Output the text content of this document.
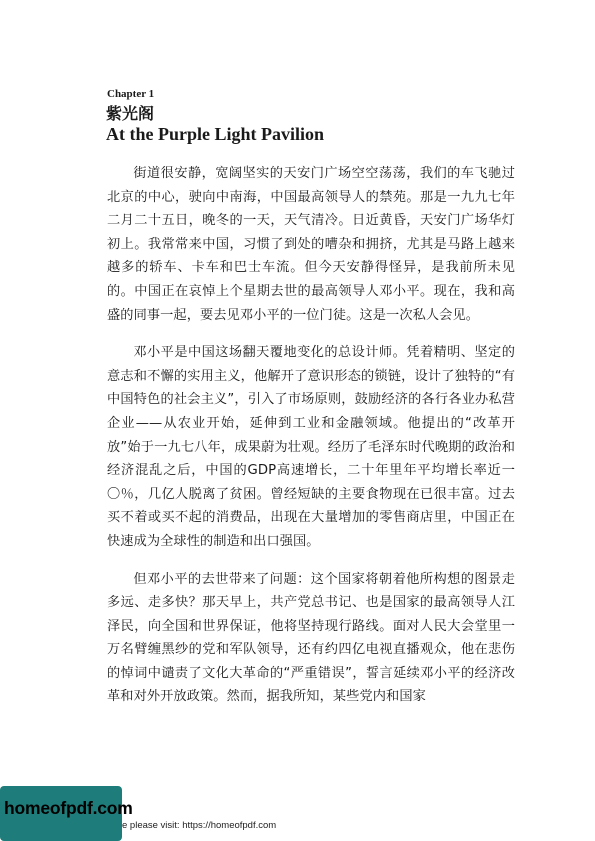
Chapter 1
紫光阁
At the Purple Light Pavilion

街道很安静，宽阔坚实的天安门广场空空荡荡，我们的车飞驰过北京的中心，驶向中南海，中国最高领导人的禁苑。那是一九九七年二月二十五日，晚冬的一天，天气清冷。日近黄昏，天安门广场华灯初上。我常常来中国，习惯了到处的嘈杂和拥挤，尤其是马路上越来越多的轿车、卡车和巴士车流。但今天安静得怪异，是我前所未见的。中国正在哀悼上个星期去世的最高领导人邓小平。现在，我和高盛的同事一起，要去见邓小平的一位门徒。这是一次私人会见。

邓小平是中国这场翻天覆地变化的总设计师。凭着精明、坚定的意志和不懈的实用主义，他解开了意识形态的锁链，设计了独特的“有中国特色的社会主义”，引入了市场原则，鼓励经济的各行各业办私营企业——从农业开始，延伸到工业和金融领域。他提出的“改革开放”始于一九七八年，成果蔚为壮观。经历了毛泽东时代晚期的政治和经济混乱之后，中国的GDP高速增长，二十年里年平均增长率近一〇％，几亿人脱离了贫困。曾经短缺的主要食物现在已很丰富。过去买不着或买不起的消费品，出现在大量增加的零售商店里，中国正在快速成为全球性的制造和出口强国。

但邓小平的去世带来了问题：这个国家将朝着他所构想的图景走多远、走多快？那天早上，共产党总书记、也是国家的最高领导人江泽民，向全国和世界保证，他将坚持现行路线。面对人民大会堂里一万名臂缠黑纱的党和军队领导，还有约四亿电视直播观众，他在悲伤的悼词中谴责了文化大革命的“严重错误”，誓言延续邓小平的经济改革和对外开放政策。然而，据我所知，某些党内和国家

homeofpdf.com
e please visit: https://homeofpdf.com
